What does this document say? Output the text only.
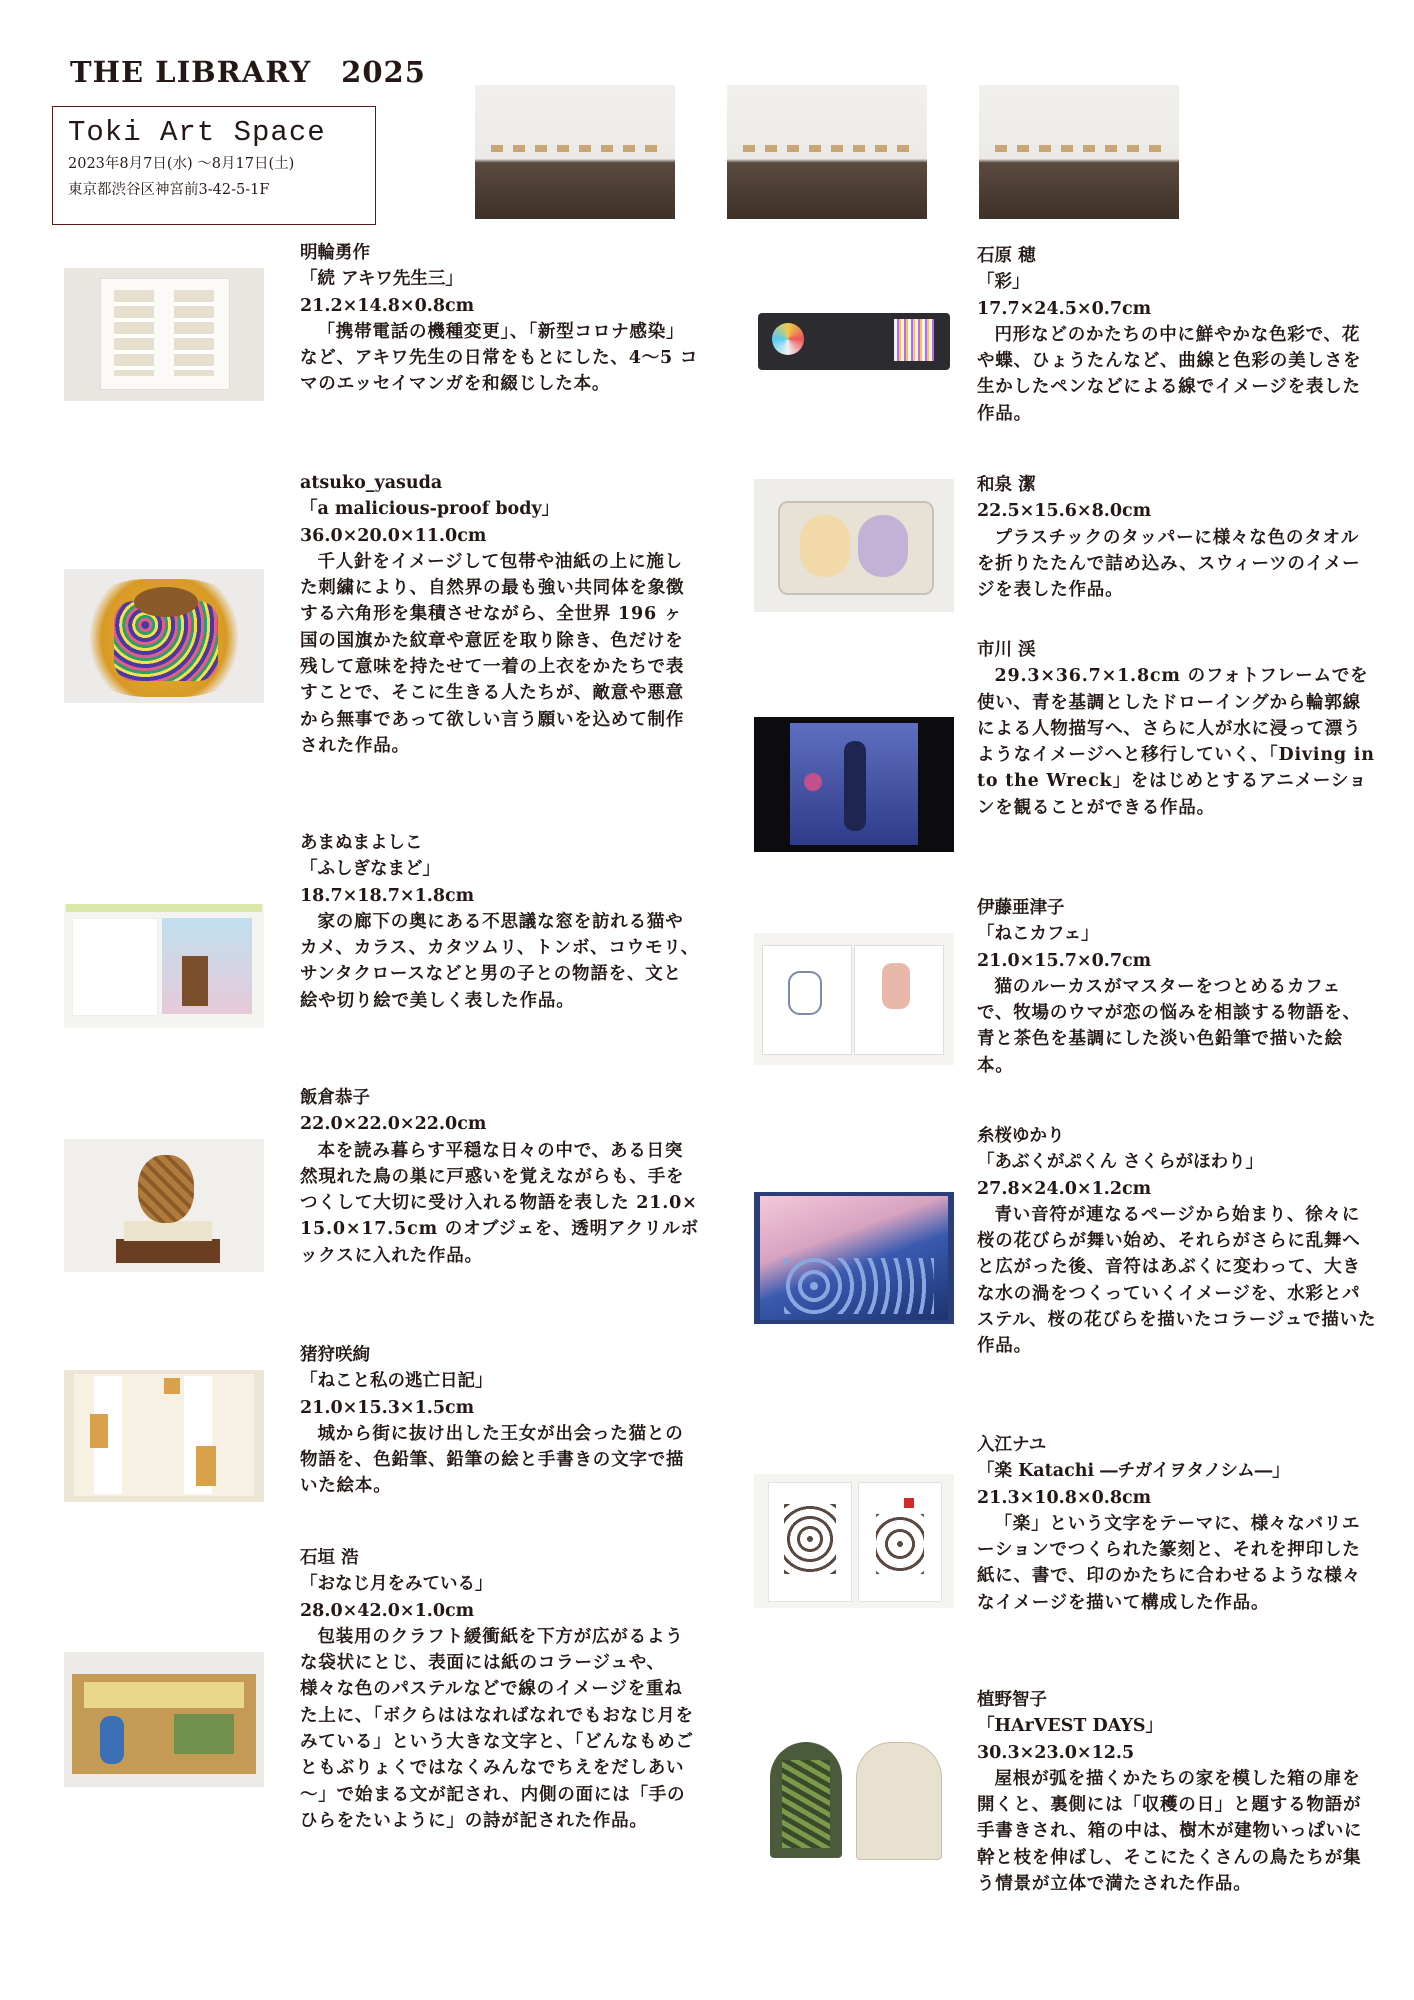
THE LIBRARY　2025
Toki Art Space
2023年8月7日(水) ～8月17日(土)
東京都渋谷区神宮前3-42-5-1F
明輪勇作
「続 アキワ先生三」
21.2×14.8×0.8cm
「携帯電話の機種変更」、「新型コロナ感染」など、アキワ先生の日常をもとにした、4～5 コマのエッセイマンガを和綴じした本。
atsuko_yasuda
「a malicious-proof body」
36.0×20.0×11.0cm
千人針をイメージして包帯や油紙の上に施した刺繍により、自然界の最も強い共同体を象徴する六角形を集積させながら、全世界 196 ヶ国の国旗かた紋章や意匠を取り除き、色だけを残して意味を持たせて一着の上衣をかたちで表すことで、そこに生きる人たちが、敵意や悪意から無事であって欲しい言う願いを込めて制作された作品。
あまぬまよしこ
「ふしぎなまど」
18.7×18.7×1.8cm
家の廊下の奥にある不思議な窓を訪れる猫やカメ、カラス、カタツムリ、トンボ、コウモリ、サンタクロースなどと男の子との物語を、文と絵や切り絵で美しく表した作品。
飯倉恭子
22.0×22.0×22.0cm
本を読み暮らす平穏な日々の中で、ある日突然現れた鳥の巣に戸惑いを覚えながらも、手をつくして大切に受け入れる物語を表した 21.0×15.0×17.5cm のオブジェを、透明アクリルボックスに入れた作品。
猪狩咲絢
「ねこと私の逃亡日記」
21.0×15.3×1.5cm
城から街に抜け出した王女が出会った猫との物語を、色鉛筆、鉛筆の絵と手書きの文字で描いた絵本。
石垣 浩
「おなじ月をみている」
28.0×42.0×1.0cm
包装用のクラフト緩衝紙を下方が広がるような袋状にとじ、表面には紙のコラージュや、様々な色のパステルなどで線のイメージを重ねた上に、「ボクらははなればなれでもおなじ月をみている」という大きな文字と、「どんなもめごともぶりょくではなくみんなでちえをだしあい～」で始まる文が記され、内側の面には「手のひらをたいように」の詩が記された作品。
石原 穂
「彩」
17.7×24.5×0.7cm
円形などのかたちの中に鮮やかな色彩で、花や蝶、ひょうたんなど、曲線と色彩の美しさを生かしたペンなどによる線でイメージを表した作品。
和泉 潔
22.5×15.6×8.0cm
プラスチックのタッパーに様々な色のタオルを折りたたんで詰め込み、スウィーツのイメージを表した作品。
市川 渓
29.3×36.7×1.8cm のフォトフレームでを使い、青を基調としたドローイングから輪郭線による人物描写へ、さらに人が水に浸って漂うようなイメージへと移行していく、「Diving in to the Wreck」をはじめとするアニメーションを観ることができる作品。
伊藤亜津子
「ねこカフェ」
21.0×15.7×0.7cm
猫のルーカスがマスターをつとめるカフェで、牧場のウマが恋の悩みを相談する物語を、青と茶色を基調にした淡い色鉛筆で描いた絵本。
糸桜ゆかり
「あぶくがぷくん さくらがほわり」
27.8×24.0×1.2cm
青い音符が連なるページから始まり、徐々に桜の花びらが舞い始め、それらがさらに乱舞へと広がった後、音符はあぶくに変わって、大きな水の渦をつくっていくイメージを、水彩とパステル、桜の花びらを描いたコラージュで描いた作品。
入江ナユ
「楽 Katachi ―チガイヲタノシム―」
21.3×10.8×0.8cm
「楽」という文字をテーマに、様々なバリエーションでつくられた篆刻と、それを押印した紙に、書で、印のかたちに合わせるような様々なイメージを描いて構成した作品。
植野智子
「HArVEST DAYS」
30.3×23.0×12.5
屋根が弧を描くかたちの家を模した箱の扉を開くと、裏側には「収穫の日」と題する物語が手書きされ、箱の中は、樹木が建物いっぱいに幹と枝を伸ばし、そこにたくさんの鳥たちが集う情景が立体で満たされた作品。
